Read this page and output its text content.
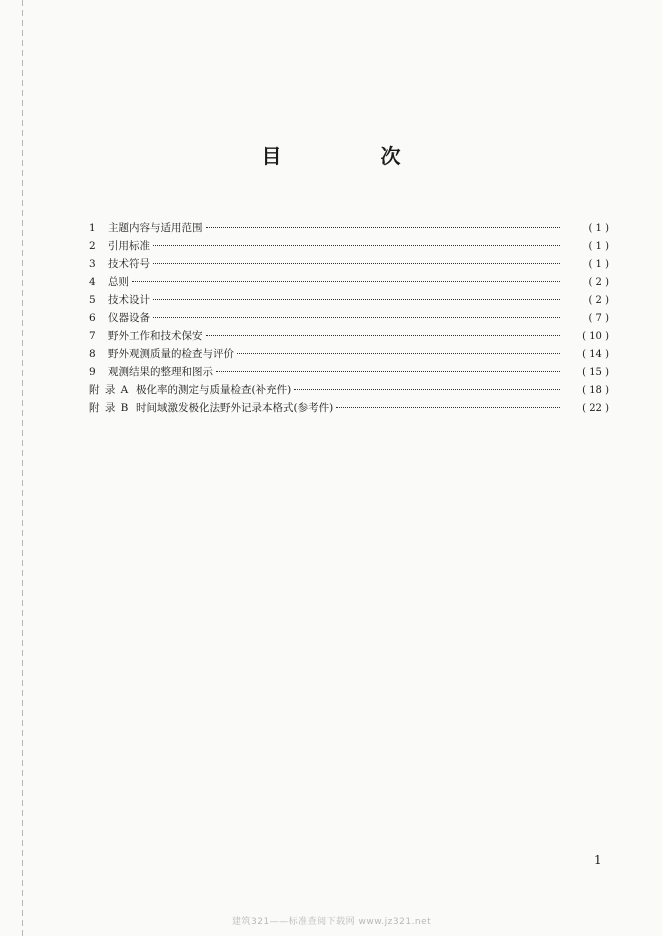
目 次
1	主题内容与适用范围	( 1 )
2	引用标准	( 1 )
3	技术符号	( 1 )
4	总则	( 2 )
5	技术设计	( 2 )
6	仪器设备	( 7 )
7	野外工作和技术保安	( 10 )
8	野外观测质量的检查与评价	( 14 )
9	观测结果的整理和图示	( 15 )
附 录 A 极化率的测定与质量检查(补充件)	( 18 )
附 录 B 时间域激发极化法野外记录本格式(参考件)	( 22 )
1
建筑321——标准查阅下载网 www.jz321.net
